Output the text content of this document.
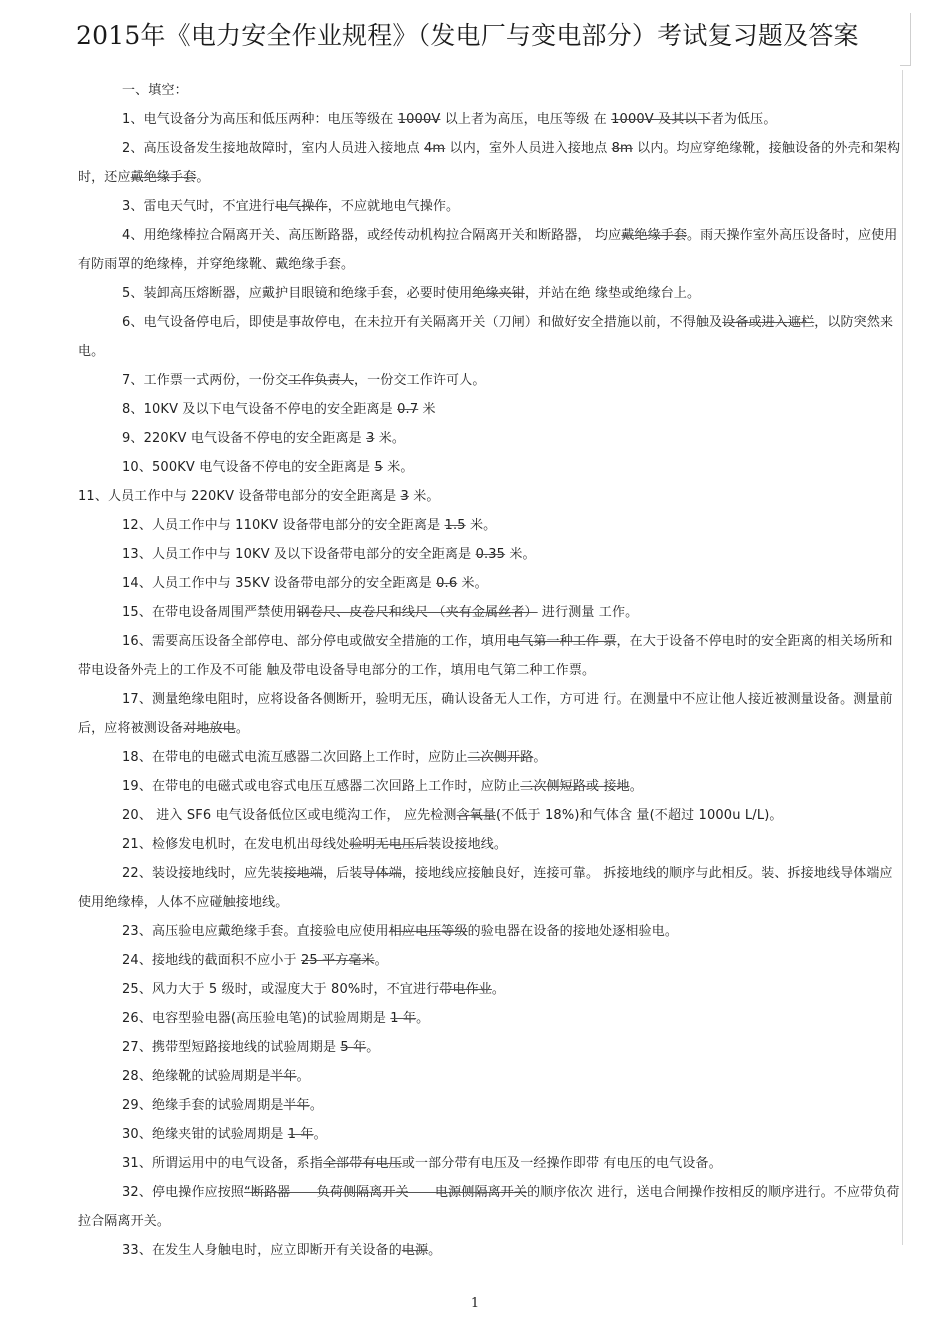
2015年《电力安全作业规程》（发电厂与变电部分）考试复习题及答案

一、填空：

1、电气设备分为高压和低压两种：电压等级在 1000V 以上者为高压，电压等级 在 1000V 及其以下者为低压。

2、高压设备发生接地故障时，室内人员进入接地点 4m 以内，室外人员进入接地点 8m 以内。均应穿绝缘靴，接触设备的外壳和架构时，还应戴绝缘手套。

3、雷电天气时，不宜进行电气操作，不应就地电气操作。

4、用绝缘棒拉合隔离开关、高压断路器，或经传动机构拉合隔离开关和断路器， 均应戴绝缘手套。雨天操作室外高压设备时，应使用有防雨罩的绝缘棒，并穿绝缘靴、戴绝缘手套。

5、装卸高压熔断器，应戴护目眼镜和绝缘手套，必要时使用绝缘夹钳，并站在绝 缘垫或绝缘台上。

6、电气设备停电后，即使是事故停电，在未拉开有关隔离开关（刀闸）和做好安全措施以前，不得触及设备或进入遮栏，以防突然来电。

7、工作票一式两份，一份交工作负责人，一份交工作许可人。

8、10KV 及以下电气设备不停电的安全距离是 0.7 米

9、220KV 电气设备不停电的安全距离是 3 米。

10、500KV 电气设备不停电的安全距离是 5 米。

11、人员工作中与 220KV 设备带电部分的安全距离是 3 米。

12、人员工作中与 110KV 设备带电部分的安全距离是 1.5 米。

13、人员工作中与 10KV 及以下设备带电部分的安全距离是 0.35 米。

14、人员工作中与 35KV 设备带电部分的安全距离是 0.6 米。

15、在带电设备周围严禁使用钢卷尺、皮卷尺和线尺 （夹有金属丝者） 进行测量 工作。

16、需要高压设备全部停电、部分停电或做安全措施的工作，填用电气第一种工作 票，在大于设备不停电时的安全距离的相关场所和带电设备外壳上的工作及不可能 触及带电设备导电部分的工作，填用电气第二种工作票。

17、测量绝缘电阻时，应将设备各侧断开，验明无压，确认设备无人工作，方可进 行。在测量中不应让他人接近被测量设备。测量前后，应将被测设备对地放电。

18、在带电的电磁式电流互感器二次回路上工作时，应防止二次侧开路。

19、在带电的电磁式或电容式电压互感器二次回路上工作时，应防止二次侧短路或 接地。

20、 进入 SF6 电气设备低位区或电缆沟工作， 应先检测含氧量(不低于 18%)和气体含 量(不超过 1000u L/L)。

21、检修发电机时，在发电机出母线处验明无电压后装设接地线。

22、装设接地线时，应先装接地端，后装导体端，接地线应接触良好，连接可靠。 拆接地线的顺序与此相反。装、拆接地线导体端应使用绝缘棒，人体不应碰触接地线。

23、高压验电应戴绝缘手套。直接验电应使用相应电压等级的验电器在设备的接地处逐相验电。

24、接地线的截面积不应小于 25 平方毫米。

25、风力大于 5 级时，或湿度大于 80%时，不宜进行带电作业。

26、电容型验电器(高压验电笔)的试验周期是 1 年。

27、携带型短路接地线的试验周期是 5 年。

28、绝缘靴的试验周期是半年。

29、绝缘手套的试验周期是半年。

30、绝缘夹钳的试验周期是 1 年。

31、所谓运用中的电气设备，系指全部带有电压或一部分带有电压及一经操作即带 有电压的电气设备。

32、停电操作应按照“断路器——负荷侧隔离开关——电源侧隔离开关的顺序依次 进行，送电合闸操作按相反的顺序进行。不应带负荷拉合隔离开关。

33、在发生人身触电时，应立即断开有关设备的电源。

1
